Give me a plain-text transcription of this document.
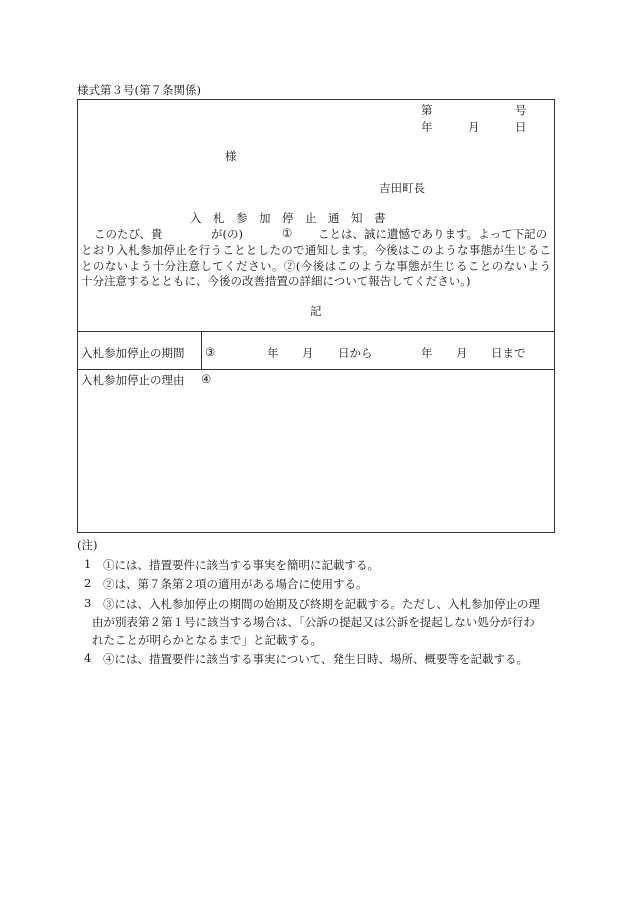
様式第３号(第７条関係)
第	号
年	月	日
様
吉田町長
入　札　参　加　停　止　通　知　書
このたび、貴	が(の)	① ことは、誠に遺憾であります。よって下記の
とおり入札参加停止を行うこととしたので通知します。今後はこのような事態が生じるこ
とのないよう十分注意してください。②(今後はこのような事態が生じることのないよう
十分注意するとともに、今後の改善措置の詳細について報告してください。)
記
入札参加停止の期間 ③	年 月 日から	年 月 日まで
入札参加停止の理由 ④
(注)
1 ①には、措置要件に該当する事実を簡明に記載する。
2 ②は、第７条第２項の適用がある場合に使用する。
3 ③には、入札参加停止の期間の始期及び終期を記載する。ただし、入札参加停止の理
由が別表第２第１号に該当する場合は、「公訴の提起又は公訴を提起しない処分が行わ
れたことが明らかとなるまで」と記載する。
4 ④には、措置要件に該当する事実について、発生日時、場所、概要等を記載する。
